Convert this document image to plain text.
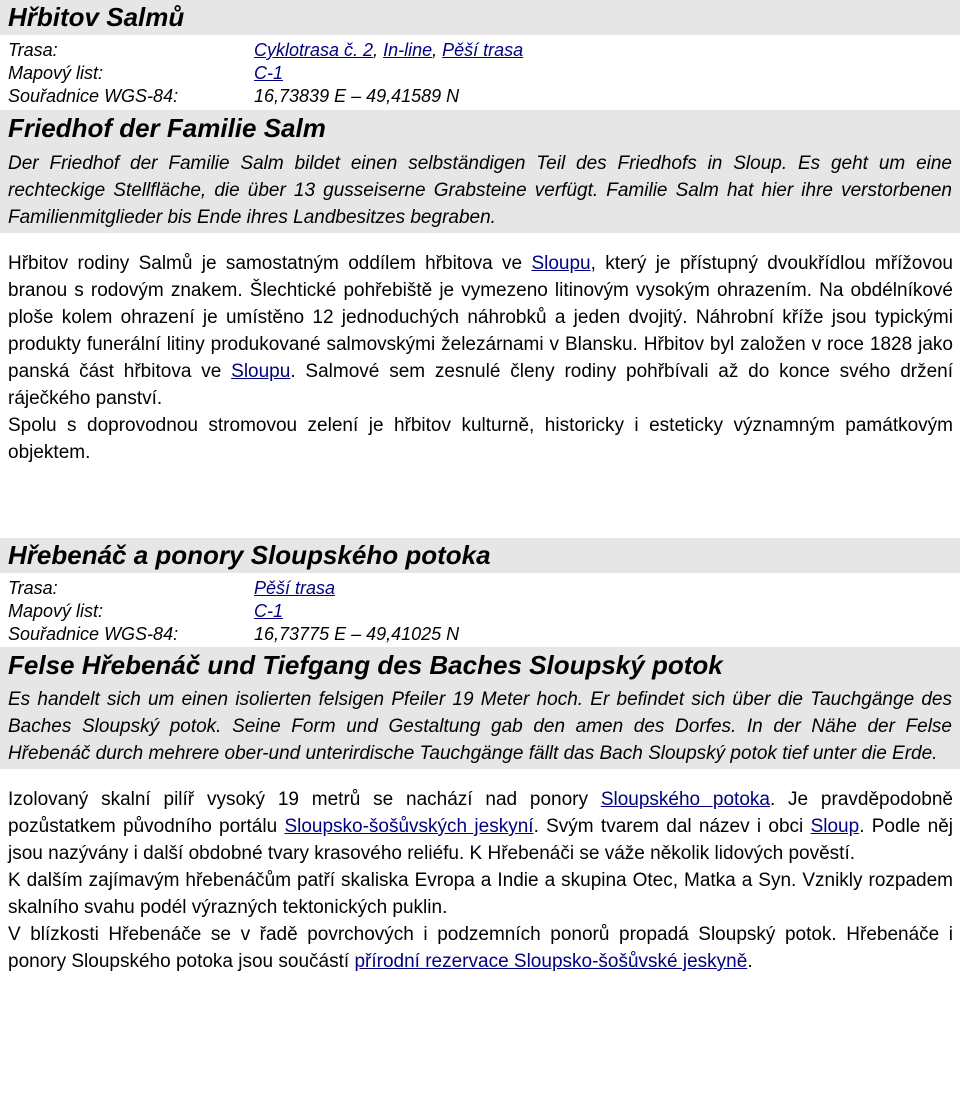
Hřbitov Salmů
Trasa:	Cyklotrasa č. 2, In-line, Pěší trasa
Mapový list:	C-1
Souřadnice WGS-84:	16,73839 E – 49,41589 N
Friedhof der Familie Salm

Der Friedhof der Familie Salm bildet einen selbständigen Teil des Friedhofs in Sloup. Es geht um eine rechteckige Stellfläche, die über 13 gusseiserne Grabsteine verfügt. Familie Salm hat hier ihre verstorbenen Familienmitglieder bis Ende ihres Landbesitzes begraben.

Hřbitov rodiny Salmů je samostatným oddílem hřbitova ve Sloupu, který je přístupný dvoukřídlou mřížovou branou s rodovým znakem. Šlechtické pohřebiště je vymezeno litinovým vysokým ohrazením. Na obdélníkové ploše kolem ohrazení je umístěno 12 jednoduchých náhrobků a jeden dvojitý. Náhrobní kříže jsou typickými produkty funerální litiny produkované salmovskými železárnami v Blansku. Hřbitov byl založen v roce 1828 jako panská část hřbitova ve Sloupu. Salmové sem zesnulé členy rodiny pohřbívali až do konce svého držení ráječkého panství.

Spolu s doprovodnou stromovou zelení je hřbitov kulturně, historicky i esteticky významným památkovým objektem.

Hřebenáč a ponory Sloupského potoka
Trasa:	Pěší trasa
Mapový list:	C-1
Souřadnice WGS-84:	16,73775 E – 49,41025 N
Felse Hřebenáč und Tiefgang des Baches Sloupský potok

Es handelt sich um einen isolierten felsigen Pfeiler 19 Meter hoch. Er befindet sich über die Tauchgänge des Baches Sloupský potok. Seine Form und Gestaltung gab den amen des Dorfes. In der Nähe der Felse Hřebenáč durch mehrere ober-und unterirdische Tauchgänge fällt das Bach Sloupský potok tief unter die Erde.

Izolovaný skalní pilíř vysoký 19 metrů se nachází nad ponory Sloupského potoka. Je pravděpodobně pozůstatkem původního portálu Sloupsko-šošůvských jeskyní. Svým tvarem dal název i obci Sloup. Podle něj jsou nazývány i další obdobné tvary krasového reliéfu. K Hřebenáči se váže několik lidových pověstí.

K dalším zajímavým hřebenáčům patří skaliska Evropa a Indie a skupina Otec, Matka a Syn. Vznikly rozpadem skalního svahu podél výrazných tektonických puklin.

V blízkosti Hřebenáče se v řadě povrchových i podzemních ponorů propadá Sloupský potok. Hřebenáče i ponory Sloupského potoka jsou součástí přírodní rezervace Sloupsko-šošůvské jeskyně.
